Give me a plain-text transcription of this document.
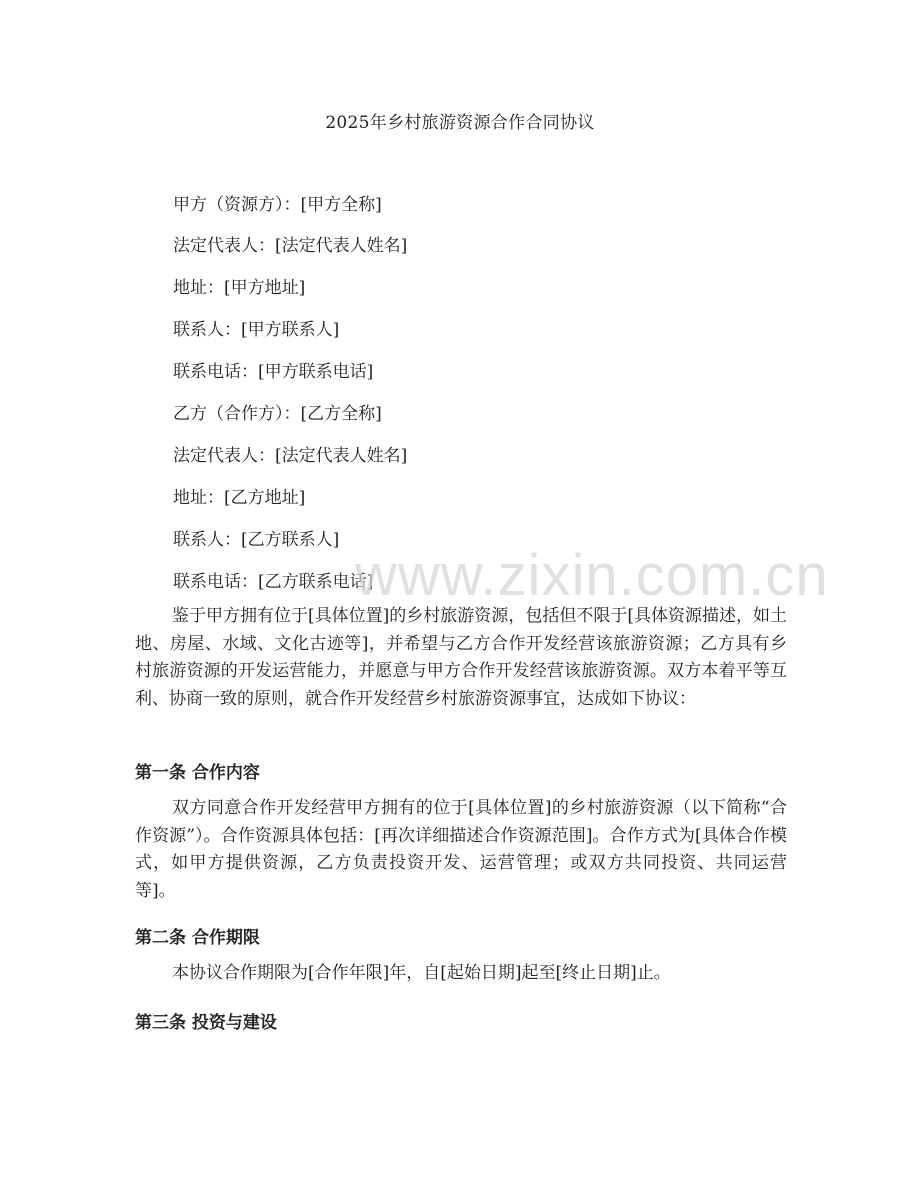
2025年乡村旅游资源合作合同协议
甲方（资源方）：[甲方全称]
法定代表人：[法定代表人姓名]
地址：[甲方地址]
联系人：[甲方联系人]
联系电话：[甲方联系电话]
乙方（合作方）：[乙方全称]
法定代表人：[法定代表人姓名]
地址：[乙方地址]
联系人：[乙方联系人]
联系电话：[乙方联系电话]
www.zixin.com.cn

鉴于甲方拥有位于[具体位置]的乡村旅游资源，包括但不限于[具体资源描述，如土地、房屋、水域、文化古迹等]，并希望与乙方合作开发经营该旅游资源；乙方具有乡村旅游资源的开发运营能力，并愿意与甲方合作开发经营该旅游资源。双方本着平等互利、协商一致的原则，就合作开发经营乡村旅游资源事宜，达成如下协议：

第一条 合作内容

双方同意合作开发经营甲方拥有的位于[具体位置]的乡村旅游资源（以下简称“合作资源”）。合作资源具体包括：[再次详细描述合作资源范围]。合作方式为[具体合作模式，如甲方提供资源，乙方负责投资开发、运营管理；或双方共同投资、共同运营等]。

第二条 合作期限

本协议合作期限为[合作年限]年，自[起始日期]起至[终止日期]止。

第三条 投资与建设
